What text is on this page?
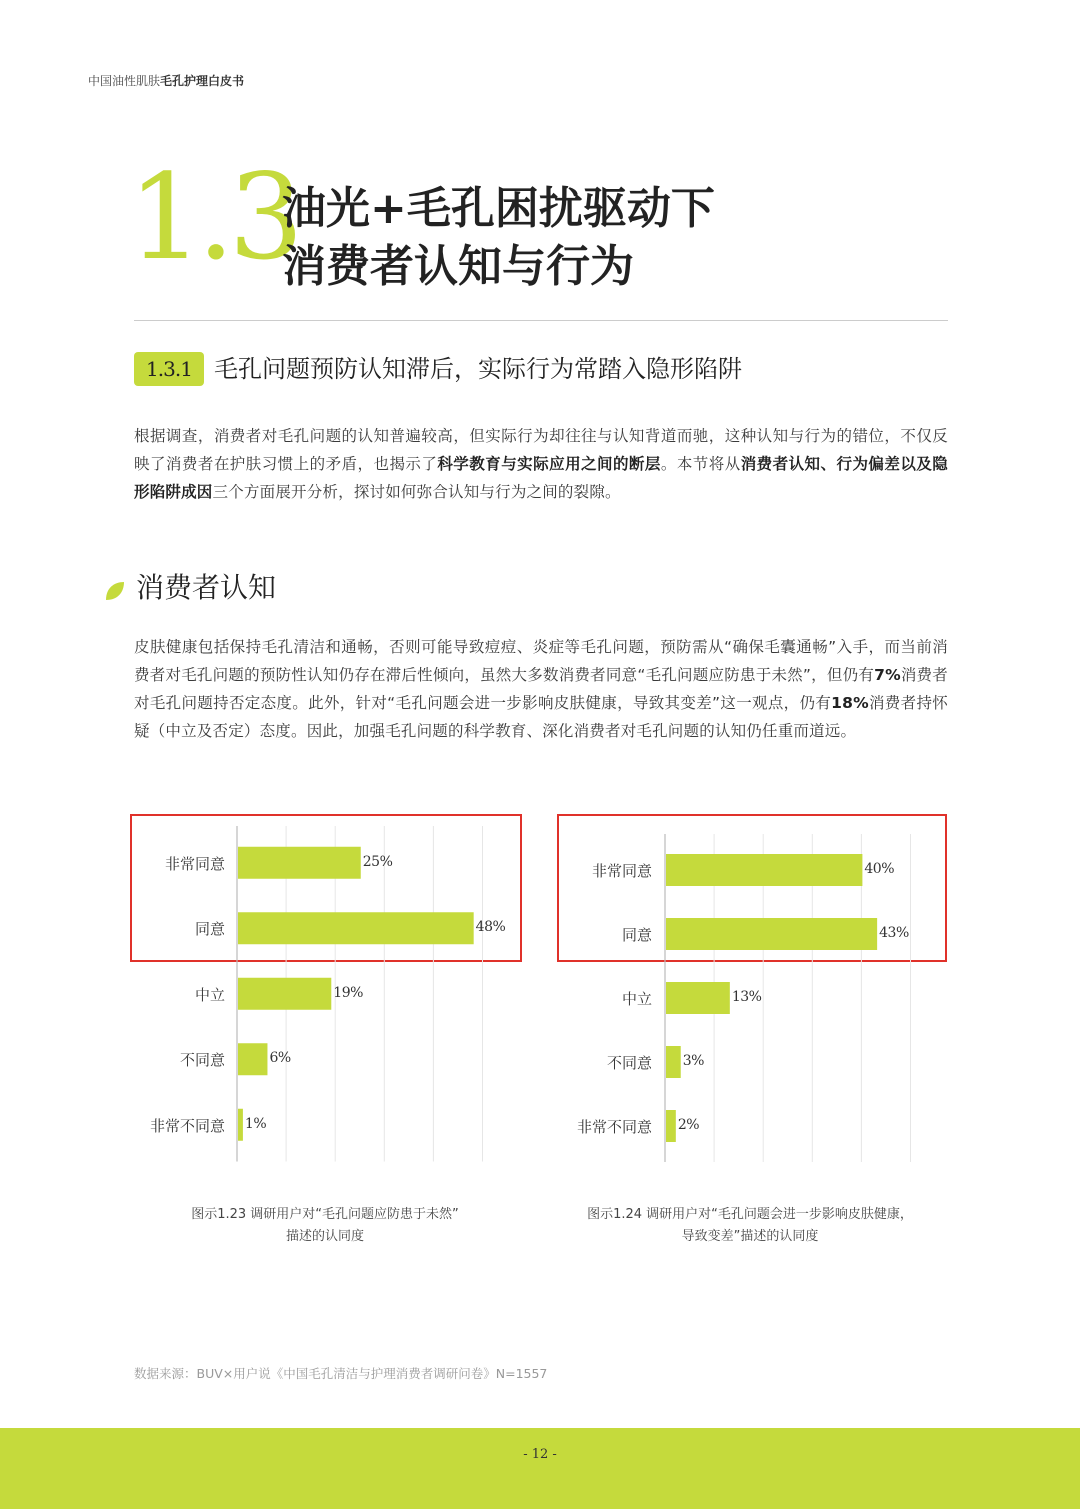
中国油性肌肤毛孔护理白皮书
1.3
油光+毛孔困扰驱动下
消费者认知与行为
1.3.1 毛孔问题预防认知滞后，实际行为常踏入隐形陷阱
根据调查，消费者对毛孔问题的认知普遍较高，但实际行为却往往与认知背道而驰，这种认知与行为的错位，不仅反映了消费者在护肤习惯上的矛盾，也揭示了科学教育与实际应用之间的断层。本节将从消费者认知、行为偏差以及隐形陷阱成因三个方面展开分析，探讨如何弥合认知与行为之间的裂隙。
消费者认知
皮肤健康包括保持毛孔清洁和通畅，否则可能导致痘痘、炎症等毛孔问题，预防需从“确保毛囊通畅”入手，而当前消费者对毛孔问题的预防性认知仍存在滞后性倾向，虽然大多数消费者同意“毛孔问题应防患于未然”，但仍有7%消费者对毛孔问题持否定态度。此外，针对“毛孔问题会进一步影响皮肤健康，导致其变差”这一观点，仍有18%消费者持怀疑（中立及否定）态度。因此，加强毛孔问题的科学教育、深化消费者对毛孔问题的认知仍任重而道远。
非常同意	25%
同意	48%
中立	19%
不同意	6%
非常不同意 1%
非常同意	40%
同意	43%
中立	13%
不同意 3%
非常不同意 2%
图示1.23 调研用户对“毛孔问题应防患于未然”
描述的认同度
图示1.24 调研用户对“毛孔问题会进一步影响皮肤健康，
导致变差”描述的认同度
数据来源：BUV×用户说《中国毛孔清洁与护理消费者调研问卷》N=1557
- 12 -
